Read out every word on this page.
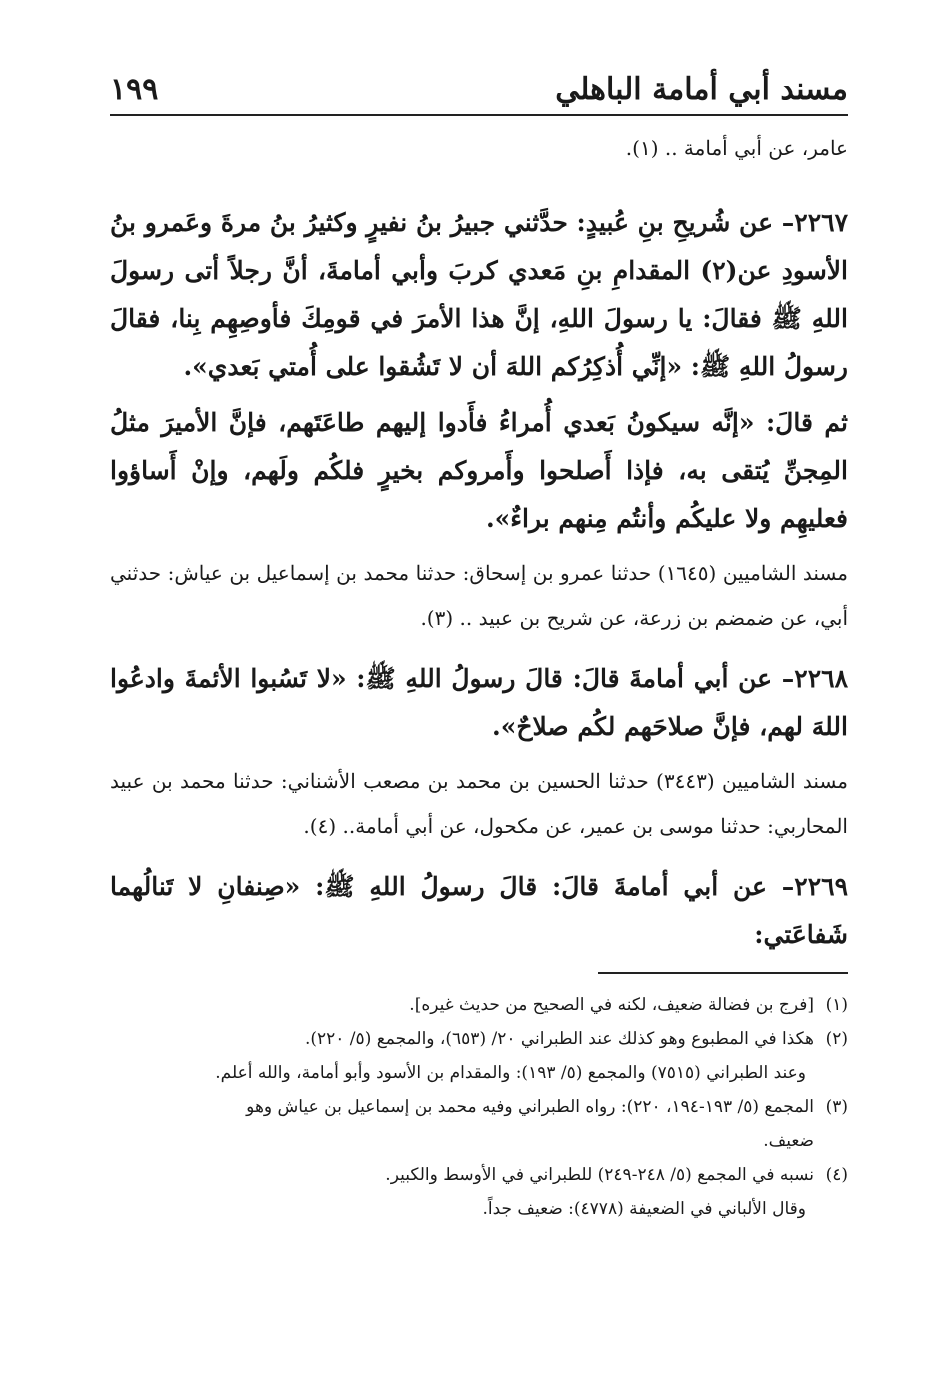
مسند أبي أمامة الباهلي
١٩٩

عامر، عن أبي أمامة .. (١).

٢٢٦٧– عن شُريحِ بنِ عُبيدٍ: حدَّثني جبيرُ بنُ نفيرٍ وكثيرُ بنُ مرةَ وعَمرو بنُ الأسودِ عن(٢) المقدامِ بنِ مَعدي كربَ وأبي أمامةَ، أنَّ رجلاً أتى رسولَ اللهِ ﷺ فقالَ: يا رسولَ اللهِ، إنَّ هذا الأمرَ في قومِكَ فأوصِهِم بِنا، فقالَ رسولُ اللهِ ﷺ: «إنِّي أُذكِرُكم اللهَ أن لا تَشُقوا على أُمتي بَعدي».

ثم قالَ: «إنَّه سيكونُ بَعدي أُمراءُ فأَدوا إليهم طاعَتَهم، فإنَّ الأميرَ مثلُ المِجنِّ يُتقى به، فإذا أَصلحوا وأَمروكم بخيرٍ فلكُم ولَهم، وإنْ أَساؤوا فعليهِم ولا عليكُم وأنتُم مِنهم براءٌ».

مسند الشاميين (١٦٤٥) حدثنا عمرو بن إسحاق: حدثنا محمد بن إسماعيل بن عياش: حدثني أبي، عن ضمضم بن زرعة، عن شريح بن عبيد .. (٣).

٢٢٦٨– عن أبي أمامةَ قالَ: قالَ رسولُ اللهِ ﷺ: «لا تَسُبوا الأئمةَ وادعُوا اللهَ لهم، فإنَّ صلاحَهم لكُم صلاحٌ».

مسند الشاميين (٣٤٤٣) حدثنا الحسين بن محمد بن مصعب الأشناني: حدثنا محمد بن عبيد المحاربي: حدثنا موسى بن عمير، عن مكحول، عن أبي أمامة.. (٤).

٢٢٦٩– عن أبي أمامةَ قالَ: قالَ رسولُ اللهِ ﷺ: «صِنفانِ لا تَنالُهما شَفاعَتي:

(١)[فرج بن فضالة ضعيف، لكنه في الصحيح من حديث غيره].

(٢)هكذا في المطبوع وهو كذلك عند الطبراني ٢٠/ (٦٥٣)، والمجمع (٥/ ٢٢٠).

وعند الطبراني (٧٥١٥) والمجمع (٥/ ١٩٣): والمقدام بن الأسود وأبو أمامة، والله أعلم.

(٣)المجمع (٥/ ١٩٣-١٩٤، ٢٢٠): رواه الطبراني وفيه محمد بن إسماعيل بن عياش وهو

ضعيف.

(٤)نسبه في المجمع (٥/ ٢٤٨-٢٤٩) للطبراني في الأوسط والكبير.

وقال الألباني في الضعيفة (٤٧٧٨): ضعيف جداً.
